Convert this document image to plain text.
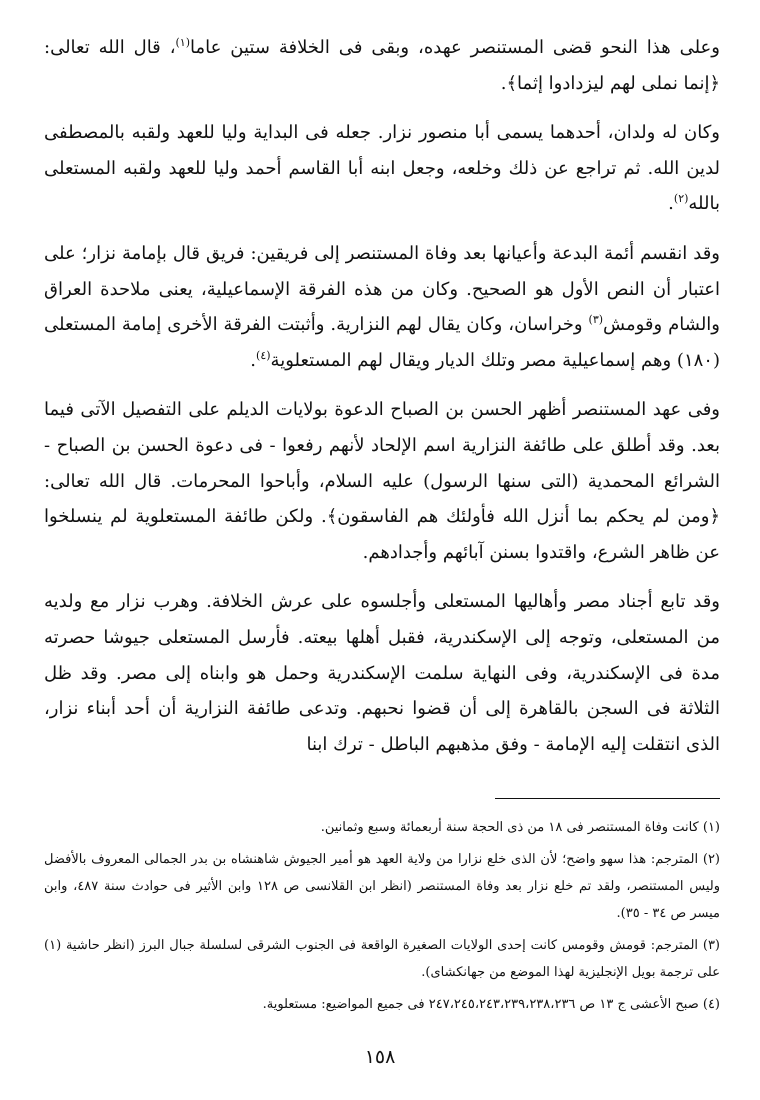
وعلى هذا النحو قضى المستنصر عهده، وبقى فى الخلافة ستين عاما$^{(١)}$، قال الله تعالى: ﴿إنما نملى لهم ليزدادوا إثما﴾.

وكان له ولدان، أحدهما يسمى أبا منصور نزار. جعله فى البداية وليا للعهد ولقبه بالمصطفى لدين الله. ثم تراجع عن ذلك وخلعه، وجعل ابنه أبا القاسم أحمد وليا للعهد ولقبه المستعلى بالله$^{(٢)}$.

وقد انقسم أئمة البدعة وأعيانها بعد وفاة المستنصر إلى فريقين: فريق قال بإمامة نزار؛ على اعتبار أن النص الأول هو الصحيح. وكان من هذه الفرقة الإسماعيلية، يعنى ملاحدة العراق والشام وقومش$^{(٣)}$ وخراسان، وكان يقال لهم النزارية. وأثبتت الفرقة الأخرى إمامة المستعلى (١٨٠) وهم إسماعيلية مصر وتلك الديار ويقال لهم المستعلوية$^{(٤)}$.

وفى عهد المستنصر أظهر الحسن بن الصباح الدعوة بولايات الديلم على التفصيل الآتى فيما بعد. وقد أطلق على طائفة النزارية اسم الإلحاد لأنهم رفعوا - فى دعوة الحسن بن الصباح - الشرائع المحمدية (التى سنها الرسول) عليه السلام، وأباحوا المحرمات. قال الله تعالى: ﴿ومن لم يحكم بما أنزل الله فأولئك هم الفاسقون﴾. ولكن طائفة المستعلوية لم ينسلخوا عن ظاهر الشرع، واقتدوا بسنن آبائهم وأجدادهم.

وقد تابع أجناد مصر وأهاليها المستعلى وأجلسوه على عرش الخلافة. وهرب نزار مع ولديه من المستعلى، وتوجه إلى الإسكندرية، فقبل أهلها بيعته. فأرسل المستعلى جيوشا حصرته مدة فى الإسكندرية، وفى النهاية سلمت الإسكندرية وحمل هو وابناه إلى مصر. وقد ظل الثلاثة فى السجن بالقاهرة إلى أن قضوا نحبهم. وتدعى طائفة النزارية أن أحد أبناء نزار، الذى انتقلت إليه الإمامة - وفق مذهبهم الباطل - ترك ابنا

(١) كانت وفاة المستنصر فى ١٨ من ذى الحجة سنة أربعمائة وسبع وثمانين.

(٢) المترجم: هذا سهو واضح؛ لأن الذى خلع نزارا من ولاية العهد هو أمير الجيوش شاهنشاه بن بدر الجمالى المعروف بالأفضل وليس المستنصر، ولقد تم خلع نزار بعد وفاة المستنصر (انظر ابن القلانسى ص ١٢٨ وابن الأثير فى حوادث سنة ٤٨٧، وابن ميسر ص ٣٤ - ٣٥).

(٣) المترجم: قومش وقومس كانت إحدى الولايات الصغيرة الواقعة فى الجنوب الشرقى لسلسلة جبال البرز (انظر حاشية (١) على ترجمة بويل الإنجليزية لهذا الموضع من جهانكشاى).

(٤) صبح الأعشى ج ١٣ ص ٢٤٧،٢٤٥،٢٤٣،٢٣٩،٢٣٨،٢٣٦ فى جميع المواضيع: مستعلوية.

١٥٨
